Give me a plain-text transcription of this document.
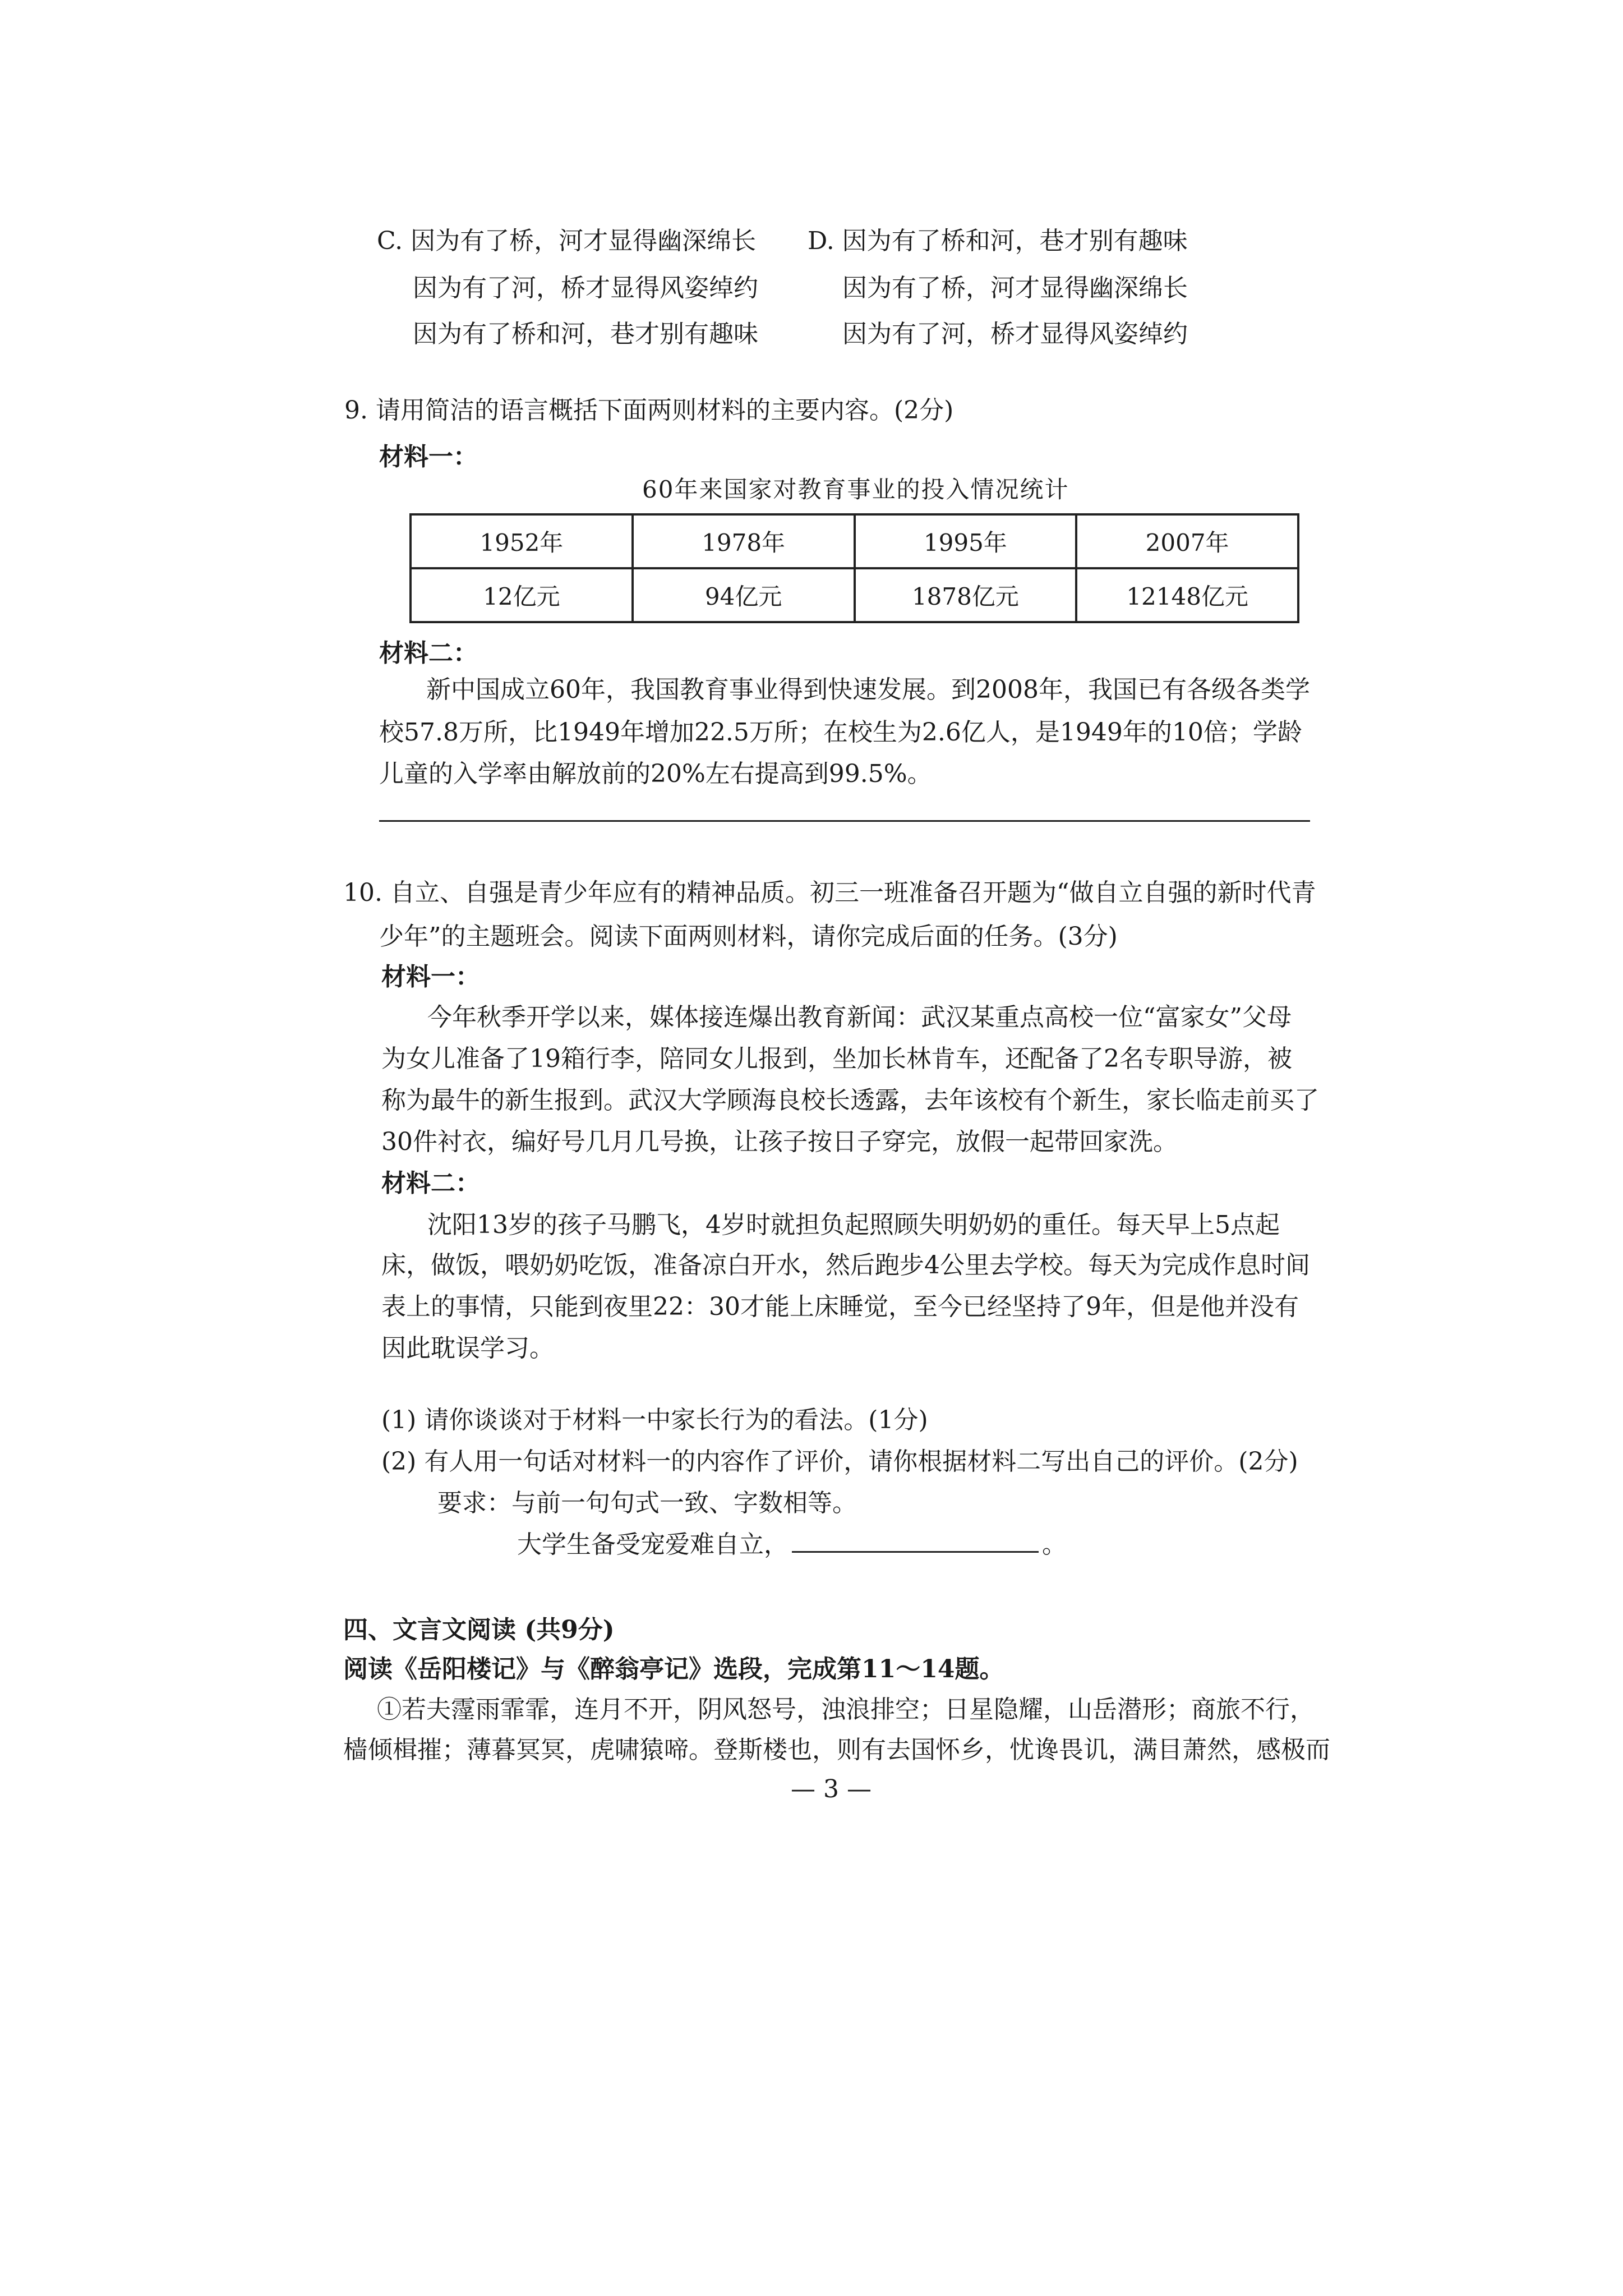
C. 因为有了桥，河才显得幽深绵长
因为有了河，桥才显得风姿绰约
因为有了桥和河，巷才别有趣味
D. 因为有了桥和河，巷才别有趣味
因为有了桥，河才显得幽深绵长
因为有了河，桥才显得风姿绰约
9. 请用简洁的语言概括下面两则材料的主要内容。(2分)
材料一：
60年来国家对教育事业的投入情况统计
1952年	1978年	1995年	2007年
12亿元	94亿元	1878亿元	12148亿元
材料二：
新中国成立60年，我国教育事业得到快速发展。到2008年，我国已有各级各类学
校57.8万所，比1949年增加22.5万所；在校生为2.6亿人，是1949年的10倍；学龄
儿童的入学率由解放前的20%左右提高到99.5%。
10. 自立、自强是青少年应有的精神品质。初三一班准备召开题为“做自立自强的新时代青
少年”的主题班会。阅读下面两则材料，请你完成后面的任务。(3分)
材料一：
今年秋季开学以来，媒体接连爆出教育新闻：武汉某重点高校一位“富家女”父母
为女儿准备了19箱行李，陪同女儿报到，坐加长林肯车，还配备了2名专职导游，被
称为最牛的新生报到。武汉大学顾海良校长透露，去年该校有个新生，家长临走前买了
30件衬衣，编好号几月几号换，让孩子按日子穿完，放假一起带回家洗。
材料二：
沈阳13岁的孩子马鹏飞，4岁时就担负起照顾失明奶奶的重任。每天早上5点起
床，做饭，喂奶奶吃饭，准备凉白开水，然后跑步4公里去学校。每天为完成作息时间
表上的事情，只能到夜里22：30才能上床睡觉，至今已经坚持了9年，但是他并没有
因此耽误学习。
(1) 请你谈谈对于材料一中家长行为的看法。(1分)
(2) 有人用一句话对材料一的内容作了评价，请你根据材料二写出自己的评价。(2分)
要求：与前一句句式一致、字数相等。
大学生备受宠爱难自立，	。
四、文言文阅读 (共9分)
阅读《岳阳楼记》与《醉翁亭记》选段，完成第11～14题。
①若夫霪雨霏霏，连月不开，阴风怒号，浊浪排空；日星隐耀，山岳潜形；商旅不行，
樯倾楫摧；薄暮冥冥，虎啸猿啼。登斯楼也，则有去国怀乡，忧谗畏讥，满目萧然，感极而
— 3 —
